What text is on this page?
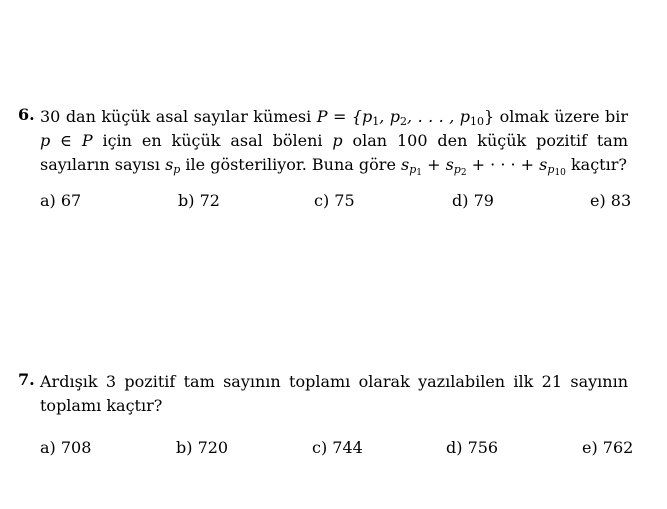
6. 30 dan küçük asal sayılar kümesi $P = \{p_1$, $p_2$, . . . , $p_{10}$} olmak üzere bir p ∈ P için en küçük asal böleni p olan 100 den küçük pozitif tam sayıların sayısı $s_p$ ile gösteriliyor. Buna göre $s_{p_1} + s_{p_2}$ + · · · + $s_{p_{10}}$ kaçtır?
a) 67	b) 72	c) 75	d) 79	e) 83
7. Ardışık 3 pozitif tam sayının toplamı olarak yazılabilen ilk 21 sayının toplamı kaçtır?
a) 708	b) 720	c) 744	d) 756	e) 762
